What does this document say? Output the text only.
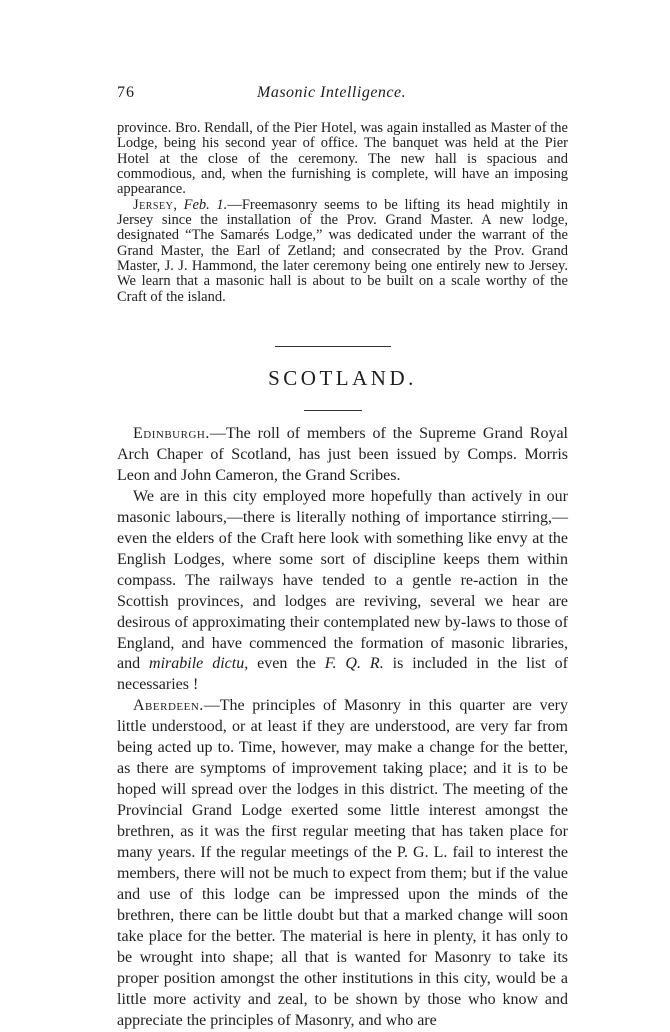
76	Masonic Intelligence.

province. Bro. Rendall, of the Pier Hotel, was again installed as Master of the Lodge, being his second year of office. The banquet was held at the Pier Hotel at the close of the ceremony. The new hall is spacious and commodious, and, when the furnishing is complete, will have an imposing appearance.

Jersey, Feb. 1.—Freemasonry seems to be lifting its head mightily in Jersey since the installation of the Prov. Grand Master. A new lodge, designated “The Samarés Lodge,” was dedicated under the warrant of the Grand Master, the Earl of Zetland; and consecrated by the Prov. Grand Master, J. J. Hammond, the later ceremony being one entirely new to Jersey. We learn that a masonic hall is about to be built on a scale worthy of the Craft of the island.

SCOTLAND.

Edinburgh.—The roll of members of the Supreme Grand Royal Arch Chaper of Scotland, has just been issued by Comps. Morris Leon and John Cameron, the Grand Scribes.

We are in this city employed more hopefully than actively in our masonic labours,—there is literally nothing of importance stirring,—even the elders of the Craft here look with something like envy at the English Lodges, where some sort of discipline keeps them within compass. The railways have tended to a gentle re-action in the Scottish provinces, and lodges are reviving, several we hear are desirous of approximating their contemplated new by-laws to those of England, and have commenced the formation of masonic libraries, and mirabile dictu, even the F. Q. R. is included in the list of necessaries !

Aberdeen.—The principles of Masonry in this quarter are very little understood, or at least if they are understood, are very far from being acted up to. Time, however, may make a change for the better, as there are symptoms of improvement taking place; and it is to be hoped will spread over the lodges in this district. The meeting of the Provincial Grand Lodge exerted some little interest amongst the brethren, as it was the first regular meeting that has taken place for many years. If the regular meetings of the P. G. L. fail to interest the members, there will not be much to expect from them; but if the value and use of this lodge can be impressed upon the minds of the brethren, there can be little doubt but that a marked change will soon take place for the better. The material is here in plenty, it has only to be wrought into shape; all that is wanted for Masonry to take its proper position amongst the other institutions in this city, would be a little more activity and zeal, to be shown by those who know and appreciate the principles of Masonry, and who are
